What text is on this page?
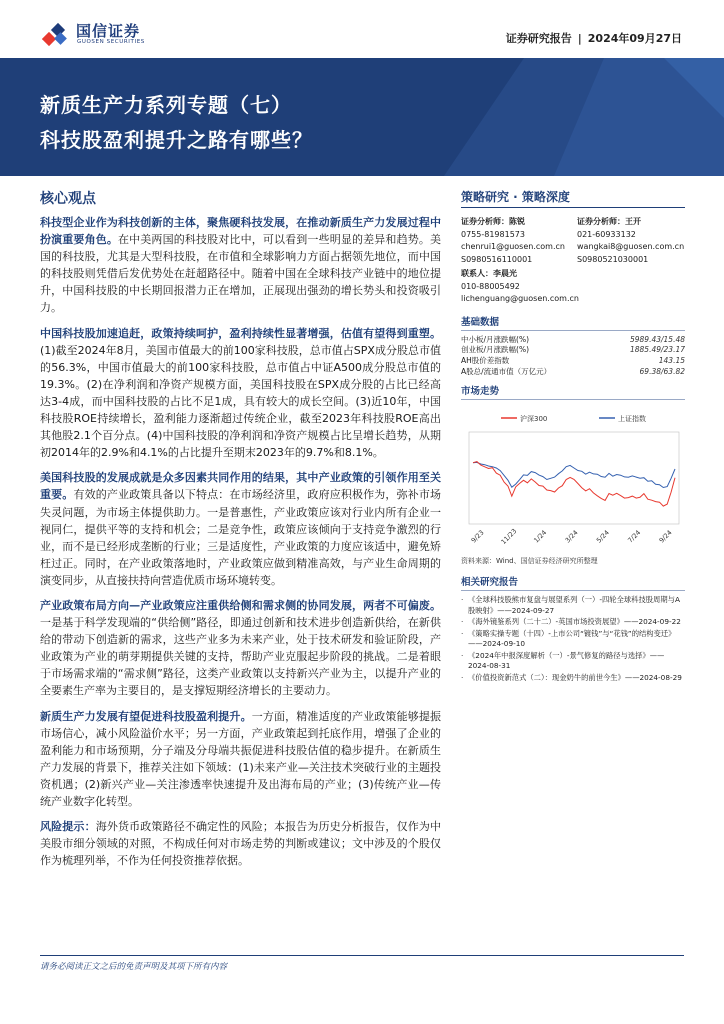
国信证券
GUOSEN SECURITIES	证券研究报告 | 2024年09月27日
新质生产力系列专题（七）
科技股盈利提升之路有哪些？
核心观点

科技型企业作为科技创新的主体，聚焦硬科技发展，在推动新质生产力发展过程中扮演重要角色。在中美两国的科技股对比中，可以看到一些明显的差异和趋势。美国的科技股，尤其是大型科技股，在市值和全球影响力方面占据领先地位，而中国的科技股则凭借后发优势处在赶超路径中。随着中国在全球科技产业链中的地位提升，中国科技股的中长期回报潜力正在增加，正展现出强劲的增长势头和投资吸引力。

中国科技股加速追赶，政策持续呵护，盈利持续性显著增强，估值有望得到重塑。(1)截至2024年8月，美国市值最大的前100家科技股，总市值占SPX成分股总市值的56.3%，中国市值最大的前100家科技股，总市值占中证A500成分股总市值的19.3%。(2)在净利润和净资产规模方面，美国科技股在SPX成分股的占比已经高达3-4成，而中国科技股的占比不足1成，具有较大的成长空间。(3)近10年，中国科技股ROE持续增长，盈利能力逐渐超过传统企业，截至2023年科技股ROE高出其他股2.1个百分点。(4)中国科技股的净利润和净资产规模占比呈增长趋势，从期初2014年的2.9%和4.1%的占比提升至期末2023年的9.7%和8.1%。

美国科技股的发展成就是众多因素共同作用的结果，其中产业政策的引领作用至关重要。有效的产业政策具备以下特点：在市场经济里，政府应积极作为，弥补市场失灵问题，为市场主体提供助力。一是普惠性，产业政策应该对行业内所有企业一视同仁，提供平等的支持和机会；二是竞争性，政策应该倾向于支持竞争激烈的行业，而不是已经形成垄断的行业；三是适度性，产业政策的力度应该适中，避免矫枉过正。同时，在产业政策落地时，产业政策应做到精准高效，与产业生命周期的演变同步，从直接扶持向营造优质市场环境转变。

产业政策布局方向—产业政策应注重供给侧和需求侧的协同发展，两者不可偏废。一是基于科学发现端的“供给侧”路径，即通过创新和技术进步创造新供给，在新供给的带动下创造新的需求，这些产业多为未来产业，处于技术研发和验证阶段，产业政策为产业的萌芽期提供关键的支持，帮助产业克服起步阶段的挑战。二是着眼于市场需求端的“需求侧”路径，这类产业政策以支持新兴产业为主，以提升产业的全要素生产率为主要目的，是支撑短期经济增长的主要动力。

新质生产力发展有望促进科技股盈利提升。一方面，精准适度的产业政策能够提振市场信心，减小风险溢价水平；另一方面，产业政策起到托底作用，增强了企业的盈利能力和市场预期，分子端及分母端共振促进科技股估值的稳步提升。在新质生产力发展的背景下，推荐关注如下领域：(1)未来产业—关注技术突破行业的主题投资机遇；(2)新兴产业—关注渗透率快速提升及出海布局的产业；(3)传统产业—传统产业数字化转型。

风险提示：海外货币政策路径不确定性的风险；本报告为历史分析报告，仅作为中美股市细分领域的对照，不构成任何对市场走势的判断或建议；文中涉及的个股仅作为梳理列举，不作为任何投资推荐依据。

策略研究 · 策略深度
证券分析师：陈锐
0755-81981573
chenrui1@guosen.com.cn
S0980516110001
证券分析师：王开
021-60933132
wangkai8@guosen.com.cn
S0980521030001
联系人：李晨光
010-88005492
lichenguang@guosen.com.cn
基础数据
中小板/月涨跌幅(%)	5989.43/15.48
创业板/月涨跌幅(%)	1885.49/23.17
AH股价差指数	143.15
A股总/流通市值（万亿元）	69.38/63.82
市场走势
沪深300	上证指数
9/23 11/23 1/24 3/24 5/24 7/24 9/24
资料来源：Wind、国信证券经济研究所整理
相关研究报告
· 《全球科技股熊市复盘与展望系列（一）-四轮全球科技股周期与A股映射》——2024-09-27
· 《海外镜鉴系列（二十二）-英国市场投资展望》——2024-09-22
· 《策略实操专题（十四）-上市公司“镀钱”与“花钱”的结构变迁》——2024-09-10
· 《2024年中报深度解析（一）-景气修复的路径与选择》——2024-08-31
· 《价值投资新范式（二）：现金奶牛的前世今生》——2024-08-29
请务必阅读正文之后的免责声明及其项下所有内容
